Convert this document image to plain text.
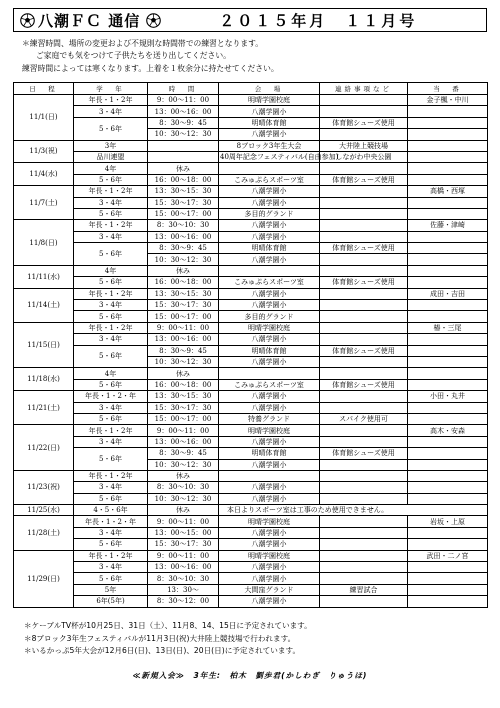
八潮ＦＣ 通信	２０１５年月　１１月号
＊練習時間、場所の変更および不規則な時間帯での練習となります。
ご家庭でも気をつけて子供たちを送り出してください。
練習時間によっては寒くなります。上着を１枚余分に持たせてください。
日　程	学　年	時　間	会　場	連絡事項など	当　番
11/1(日)	年長・1・2年	9：00～11：00	明晴学園校庭		金子楓・中川
	3・4年	13：00～16：00	八潮学園小		
	5・6年	8：30～9：45	明晴体育館	体育館シューズ使用	
		10：30～12：30	八潮学園小		
11/3(祝)	3年		8ブロック3年生大会	大井陸上競技場	
	品川連盟		40周年記念フェスティバル(自由参加)	しながわ中央公園	
11/4(水)	4年	休み			
	5・6年	16：00～18：00	こみゅぷらスポーツ室	体育館シューズ使用	
11/7(土)	年長・1・2年	13：30～15：30	八潮学園小		高橋・西塚
	3・4年	15：30～17：30	八潮学園小		
	5・6年	15：00～17：00	多目的グランド		
11/8(日)	年長・1・2年	8：30～10：30	八潮学園小		佐藤・津崎
	3・4年	13：00～16：00	八潮学園小		
	5・6年	8：30～9：45	明晴体育館	体育館シューズ使用	
		10：30～12：30	八潮学園小		
11/11(水)	4年	休み			
	5・6年	16：00～18：00	こみゅぷらスポーツ室	体育館シューズ使用	
11/14(土)	年長・1・2年	13：30～15：30	八潮学園小		成田・吉田
	3・4年	15：30～17：30	八潮学園小		
	5・6年	15：00～17：00	多目的グランド		
11/15(日)	年長・1・2年	9：00～11：00	明晴学園校庭		椿・三尾
	3・4年	13：00～16：00	八潮学園小		
	5・6年	8：30～9：45	明晴体育館	体育館シューズ使用	
		10：30～12：30	八潮学園小		
11/18(水)	4年	休み			
	5・6年	16：00～18：00	こみゅぷらスポーツ室	体育館シューズ使用	
11/21(土)	年長・1・2・年	13：30～15：30	八潮学園小		小田・丸井
	3・4年	15：30～17：30	八潮学園小		
	5・6年	15：00～17：00	特養グランド	スパイク使用可	
11/22(日)	年長・1・2年	9：00～11：00	明晴学園校庭		高木・安森
	3・4年	13：00～16：00	八潮学園小		
	5・6年	8：30～9：45	明晴体育館	体育館シューズ使用	
		10：30～12：30	八潮学園小		
11/23(祝)	年長・1・2年	休み			
	3・4年	8：30～10：30	八潮学園小		
	5・6年	10：30～12：30	八潮学園小		
11/25(水)	4・5・6年	休み	本日よりスポーツ室は工事のため使用できません。		
11/28(土)	年長・1・2・年	9：00～11：00	明晴学園校庭		岩坂・上原
	3・4年	13：00～15：00	八潮学園小		
	5・6年	15：30～17：30	八潮学園小		
11/29(日)	年長・1・2年	9：00～11：00	明晴学園校庭		武田・二ノ宮
	3・4年	13：00～16：00	八潮学園小		
	5・6年	8：30～10：30	八潮学園小		
	5年	13：30～	大間窪グランド	練習試合	
	6年(5年)	8：30～12：00	八潮学園小		
＊ケーブルTV杯が10月25日、31日（土）、11月8、14、15日に予定されています。
＊8ブロック3年生フェスティバルが11月3日(祝)大井陸上競技場で行われます。
＊いるかっぷ5年大会が12月6日(日)、13日(日)、20日(日)に予定されています。
≪新規入会≫　3年生:　柏木　劉歩君(かしわぎ　りゅうほ)
